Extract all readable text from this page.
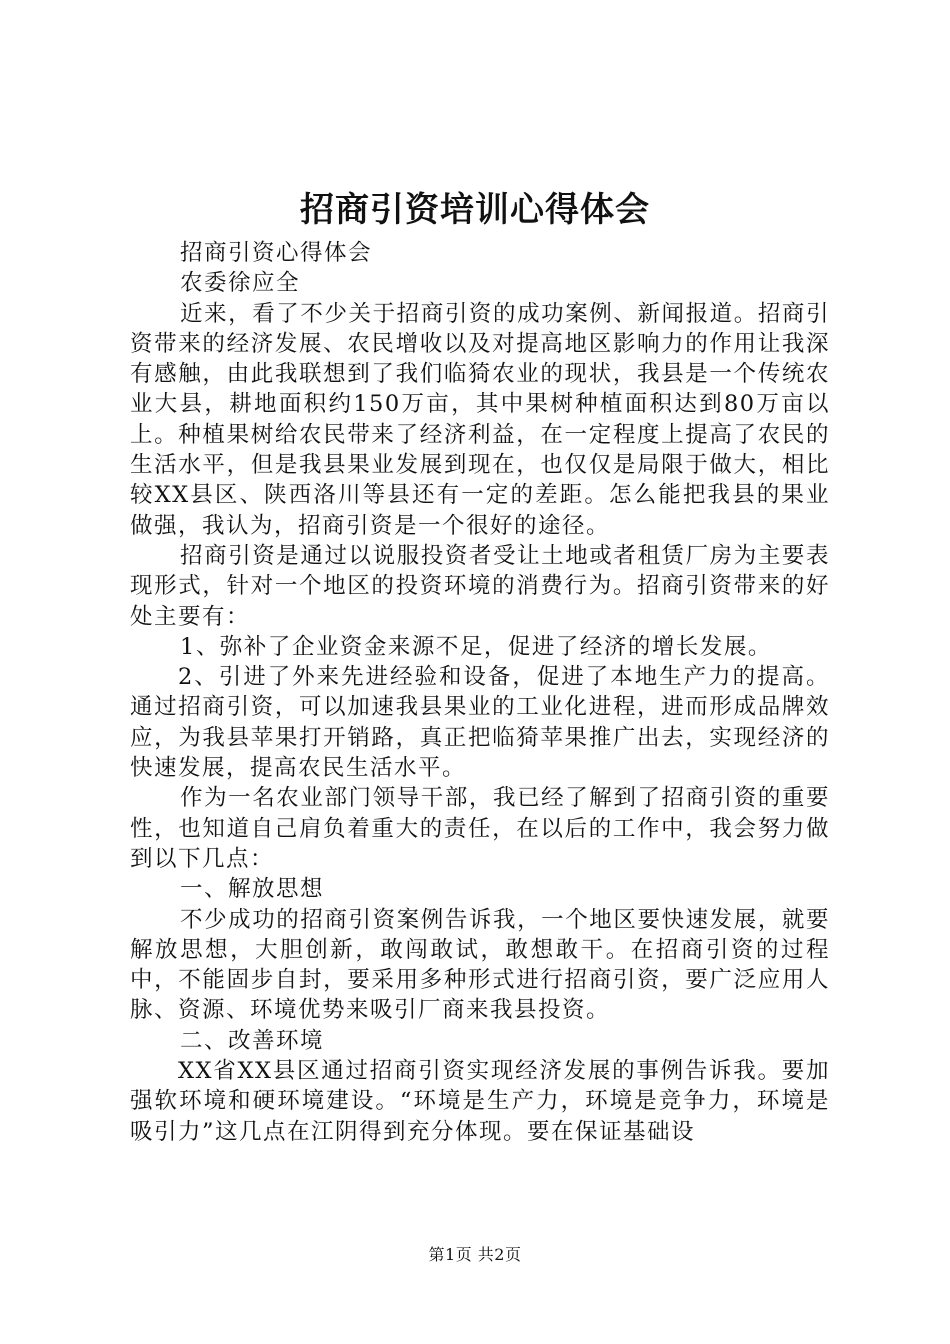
招商引资培训心得体会

招商引资心得体会

农委徐应全

近来，看了不少关于招商引资的成功案例、新闻报道。招商引资带来的经济发展、农民增收以及对提高地区影响力的作用让我深有感触，由此我联想到了我们临猗农业的现状，我县是一个传统农业大县，耕地面积约150万亩，其中果树种植面积达到80万亩以上。种植果树给农民带来了经济利益，在一定程度上提高了农民的生活水平，但是我县果业发展到现在，也仅仅是局限于做大，相比较XX县区、陕西洛川等县还有一定的差距。怎么能把我县的果业做强，我认为，招商引资是一个很好的途径。

招商引资是通过以说服投资者受让土地或者租赁厂房为主要表现形式，针对一个地区的投资环境的消费行为。招商引资带来的好处主要有：

1、弥补了企业资金来源不足，促进了经济的增长发展。

2、引进了外来先进经验和设备，促进了本地生产力的提高。通过招商引资，可以加速我县果业的工业化进程，进而形成品牌效应，为我县苹果打开销路，真正把临猗苹果推广出去，实现经济的快速发展，提高农民生活水平。

作为一名农业部门领导干部，我已经了解到了招商引资的重要性，也知道自己肩负着重大的责任，在以后的工作中，我会努力做到以下几点：

一、解放思想

不少成功的招商引资案例告诉我，一个地区要快速发展，就要解放思想，大胆创新，敢闯敢试，敢想敢干。在招商引资的过程中，不能固步自封，要采用多种形式进行招商引资，要广泛应用人脉、资源、环境优势来吸引厂商来我县投资。

二、改善环境

XX省XX县区通过招商引资实现经济发展的事例告诉我。要加强软环境和硬环境建设。“环境是生产力，环境是竞争力，环境是吸引力”这几点在江阴得到充分体现。要在保证基础设

第1页 共2页
